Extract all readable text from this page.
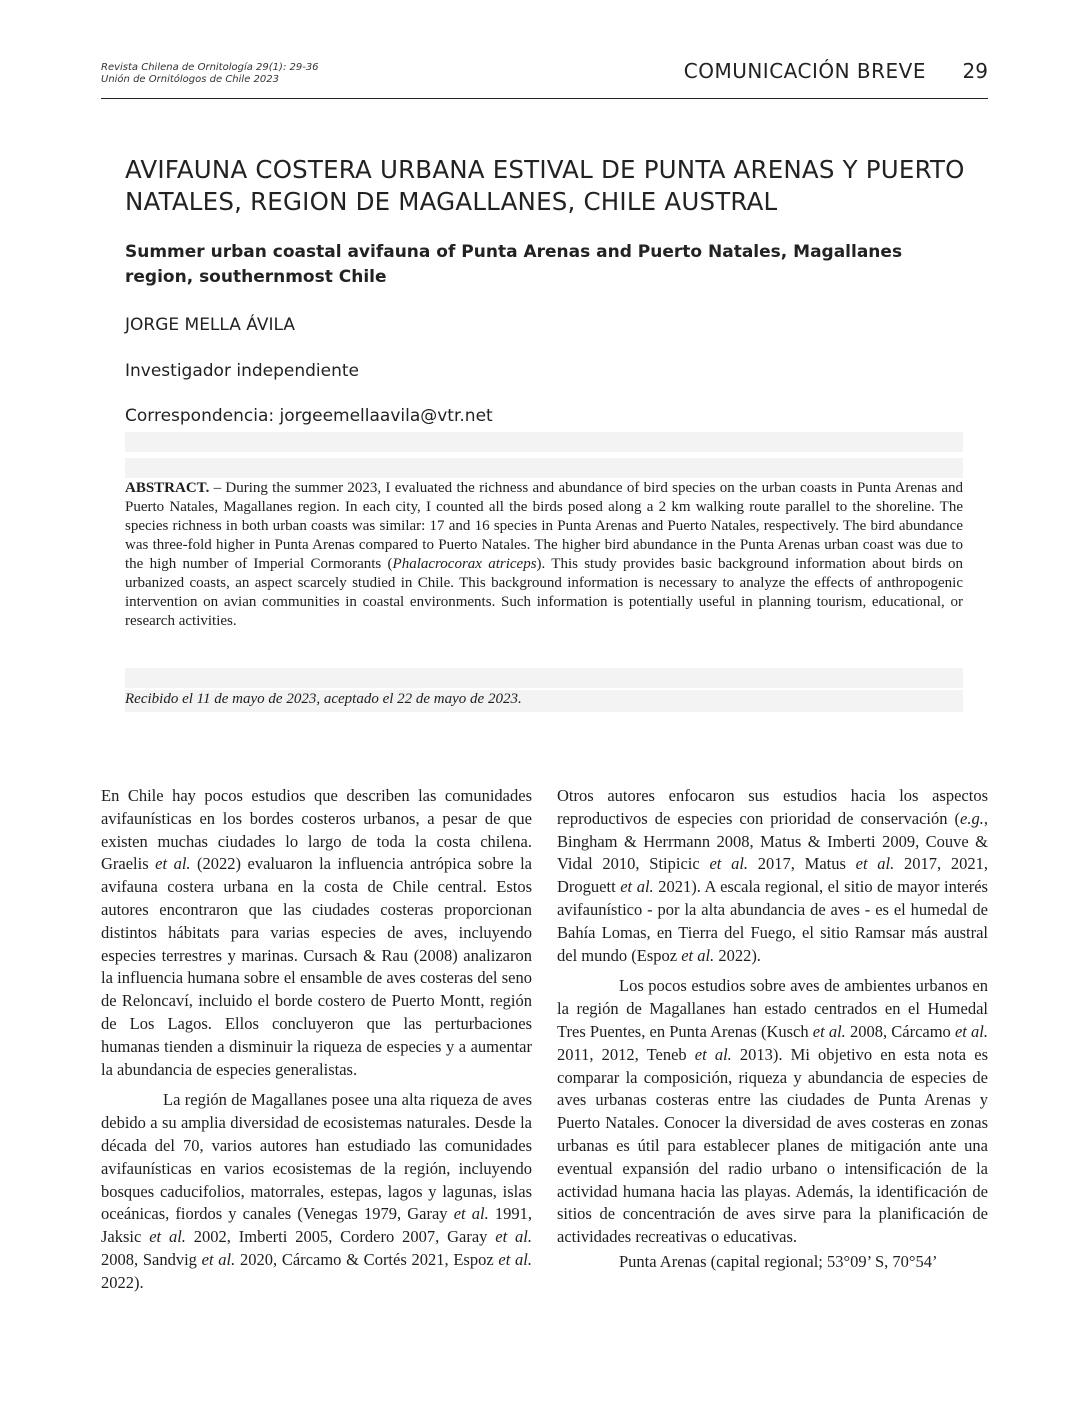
Revista Chilena de Ornitología 29(1): 29-36
Unión de Ornitólogos de Chile 2023	COMUNICACIÓN BREVE 29
AVIFAUNA COSTERA URBANA ESTIVAL DE PUNTA ARENAS Y PUERTO NATALES, REGION DE MAGALLANES, CHILE AUSTRAL
Summer urban coastal avifauna of Punta Arenas and Puerto Natales, Magallanes region, southernmost Chile
JORGE MELLA ÁVILA
Investigador independiente
Correspondencia: jorgeemellaavila@vtr.net

ABSTRACT. – During the summer 2023, I evaluated the richness and abundance of bird species on the urban coasts in Punta Arenas and Puerto Natales, Magallanes region. In each city, I counted all the birds posed along a 2 km walking route parallel to the shoreline. The species richness in both urban coasts was similar: 17 and 16 species in Punta Arenas and Puerto Natales, respectively. The bird abundance was three-fold higher in Punta Arenas compared to Puerto Natales. The higher bird abundance in the Punta Arenas urban coast was due to the high number of Imperial Cormorants (Phalacrocorax atriceps). This study provides basic background information about birds on urbanized coasts, an aspect scarcely studied in Chile. This background information is necessary to analyze the effects of anthropogenic intervention on avian communities in coastal environments. Such information is potentially useful in planning tourism, educational, or research activities.

Recibido el 11 de mayo de 2023, aceptado el 22 de mayo de 2023.

En Chile hay pocos estudios que describen las comunidades avifaunísticas en los bordes costeros urbanos, a pesar de que existen muchas ciudades lo largo de toda la costa chilena. Graelis et al. (2022) evaluaron la influencia antrópica sobre la avifauna costera urbana en la costa de Chile central. Estos autores encontraron que las ciudades costeras proporcionan distintos hábitats para varias especies de aves, incluyendo especies terrestres y marinas. Cursach & Rau (2008) analizaron la influencia humana sobre el ensamble de aves costeras del seno de Reloncaví, incluido el borde costero de Puerto Montt, región de Los Lagos. Ellos concluyeron que las perturbaciones humanas tienden a disminuir la riqueza de especies y a aumentar la abundancia de especies generalistas.

La región de Magallanes posee una alta riqueza de aves debido a su amplia diversidad de ecosistemas naturales. Desde la década del 70, varios autores han estudiado las comunidades avifaunísticas en varios ecosistemas de la región, incluyendo bosques caducifolios, matorrales, estepas, lagos y lagunas, islas oceánicas, fiordos y canales (Venegas 1979, Garay et al. 1991, Jaksic et al. 2002, Imberti 2005, Cordero 2007, Garay et al. 2008, Sandvig et al. 2020, Cárcamo & Cortés 2021, Espoz et al. 2022).

Otros autores enfocaron sus estudios hacia los aspectos reproductivos de especies con prioridad de conservación (e.g., Bingham & Herrmann 2008, Matus & Imberti 2009, Couve & Vidal 2010, Stipicic et al. 2017, Matus et al. 2017, 2021, Droguett et al. 2021). A escala regional, el sitio de mayor interés avifaunístico - por la alta abundancia de aves - es el humedal de Bahía Lomas, en Tierra del Fuego, el sitio Ramsar más austral del mundo (Espoz et al. 2022).

Los pocos estudios sobre aves de ambientes urbanos en la región de Magallanes han estado centrados en el Humedal Tres Puentes, en Punta Arenas (Kusch et al. 2008, Cárcamo et al. 2011, 2012, Teneb et al. 2013). Mi objetivo en esta nota es comparar la composición, riqueza y abundancia de especies de aves urbanas costeras entre las ciudades de Punta Arenas y Puerto Natales. Conocer la diversidad de aves costeras en zonas urbanas es útil para establecer planes de mitigación ante una eventual expansión del radio urbano o intensificación de la actividad humana hacia las playas. Además, la identificación de sitios de concentración de aves sirve para la planificación de actividades recreativas o educativas.

Punta Arenas (capital regional; 53°09’ S, 70°54’
